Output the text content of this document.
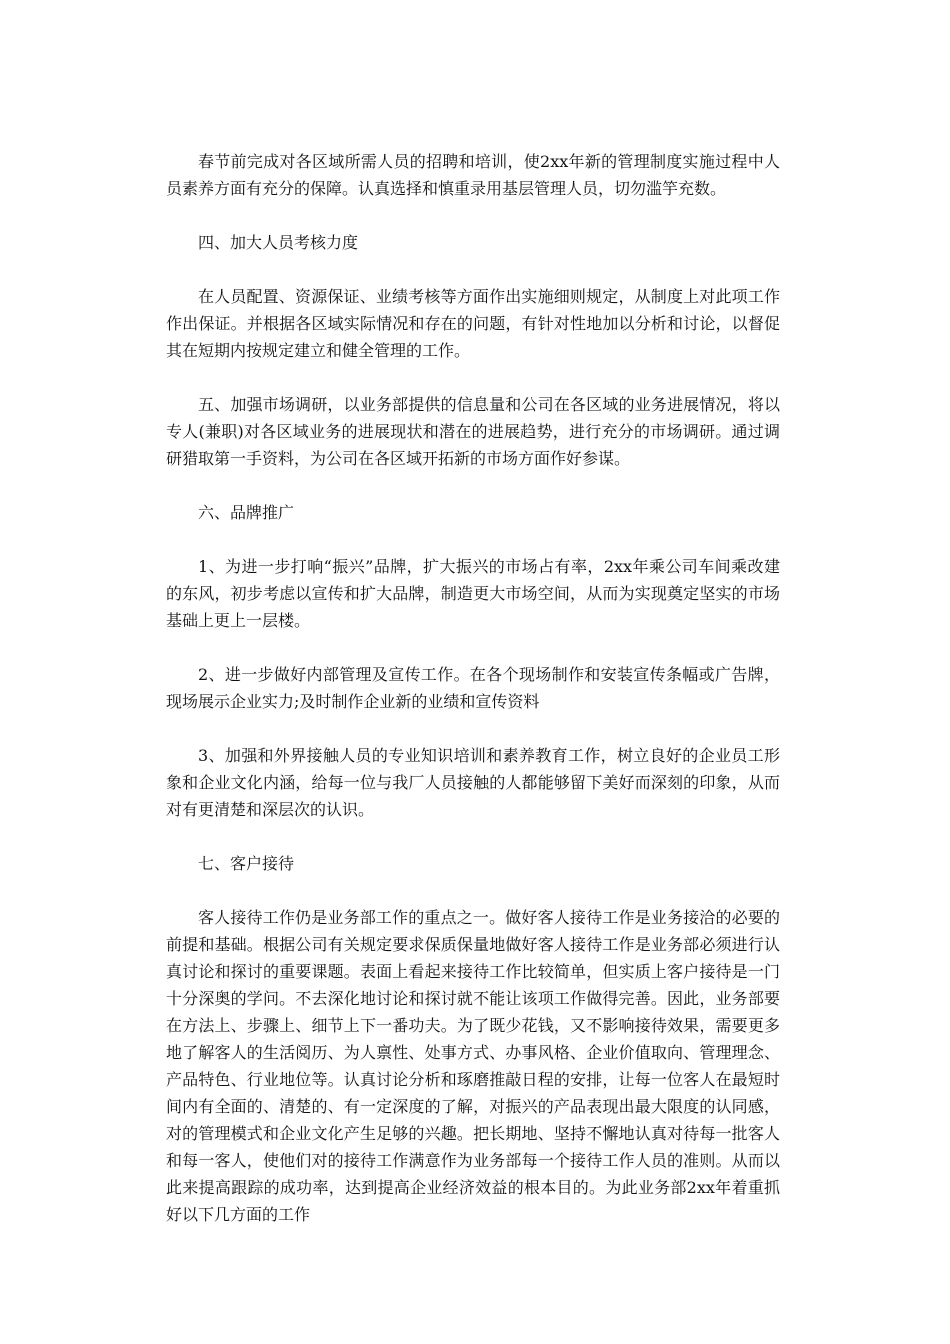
春节前完成对各区域所需人员的招聘和培训，使2xx年新的管理制度实施过程中人员素养方面有充分的保障。认真选择和慎重录用基层管理人员，切勿滥竽充数。

四、加大人员考核力度

在人员配置、资源保证、业绩考核等方面作出实施细则规定，从制度上对此项工作作出保证。并根据各区域实际情况和存在的问题，有针对性地加以分析和讨论，以督促其在短期内按规定建立和健全管理的工作。

五、加强市场调研，以业务部提供的信息量和公司在各区域的业务进展情况，将以专人(兼职)对各区域业务的进展现状和潜在的进展趋势，进行充分的市场调研。通过调研猎取第一手资料，为公司在各区域开拓新的市场方面作好参谋。

六、品牌推广

1、为进一步打响“振兴”品牌，扩大振兴的市场占有率，2xx年乘公司车间乘改建的东风，初步考虑以宣传和扩大品牌，制造更大市场空间，从而为实现奠定坚实的市场基础上更上一层楼。

2、进一步做好内部管理及宣传工作。在各个现场制作和安装宣传条幅或广告牌，现场展示企业实力;及时制作企业新的业绩和宣传资料

3、加强和外界接触人员的专业知识培训和素养教育工作，树立良好的企业员工形象和企业文化内涵，给每一位与我厂人员接触的人都能够留下美好而深刻的印象，从而对有更清楚和深层次的认识。

七、客户接待

客人接待工作仍是业务部工作的重点之一。做好客人接待工作是业务接洽的必要的前提和基础。根据公司有关规定要求保质保量地做好客人接待工作是业务部必须进行认真讨论和探讨的重要课题。表面上看起来接待工作比较简单，但实质上客户接待是一门十分深奥的学问。不去深化地讨论和探讨就不能让该项工作做得完善。因此，业务部要在方法上、步骤上、细节上下一番功夫。为了既少花钱，又不影响接待效果，需要更多地了解客人的生活阅历、为人禀性、处事方式、办事风格、企业价值取向、管理理念、产品特色、行业地位等。认真讨论分析和琢磨推敲日程的安排，让每一位客人在最短时间内有全面的、清楚的、有一定深度的了解，对振兴的产品表现出最大限度的认同感，对的管理模式和企业文化产生足够的兴趣。把长期地、坚持不懈地认真对待每一批客人和每一客人，使他们对的接待工作满意作为业务部每一个接待工作人员的准则。从而以此来提高跟踪的成功率，达到提高企业经济效益的根本目的。为此业务部2xx年着重抓好以下几方面的工作
